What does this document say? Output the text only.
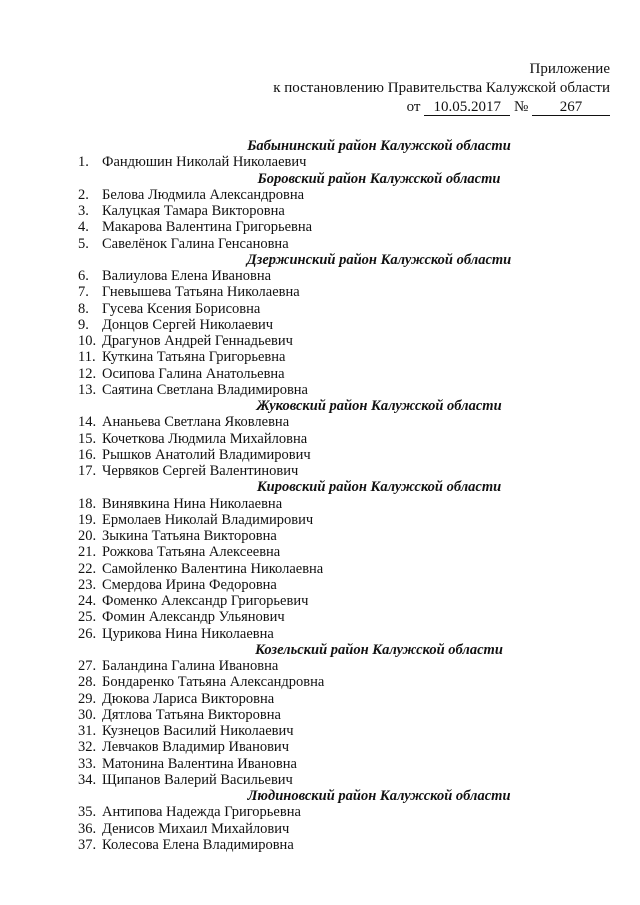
Приложение
к постановлению Правительства Калужской области
от 10.05.2017 № 267
Бабынинский район Калужской области
1. Фандюшин Николай Николаевич
Боровский район Калужской области
2. Белова Людмила Александровна
3. Калуцкая Тамара Викторовна
4. Макарова Валентина Григорьевна
5. Савелёнок Галина Генсановна
Дзержинский район Калужской области
6. Валиулова Елена Ивановна
7. Гневышева Татьяна Николаевна
8. Гусева Ксения Борисовна
9. Донцов Сергей Николаевич
10. Драгунов Андрей Геннадьевич
11. Куткина Татьяна Григорьевна
12. Осипова Галина Анатольевна
13. Саятина Светлана Владимировна
Жуковский район Калужской области
14. Ананьева Светлана Яковлевна
15. Кочеткова Людмила Михайловна
16. Рышков Анатолий Владимирович
17. Червяков Сергей Валентинович
Кировский район Калужской области
18. Винявкина Нина Николаевна
19. Ермолаев Николай Владимирович
20. Зыкина Татьяна Викторовна
21. Рожкова Татьяна Алексеевна
22. Самойленко Валентина Николаевна
23. Смердова Ирина Федоровна
24. Фоменко Александр Григорьевич
25. Фомин Александр Ульянович
26. Цурикова Нина Николаевна
Козельский район Калужской области
27. Баландина Галина Ивановна
28. Бондаренко Татьяна Александровна
29. Дюкова Лариса Викторовна
30. Дятлова Татьяна Викторовна
31. Кузнецов Василий Николаевич
32. Левчаков Владимир Иванович
33. Матонина Валентина Ивановна
34. Щипанов Валерий Васильевич
Людиновский район Калужской области
35. Антипова Надежда Григорьевна
36. Денисов Михаил Михайлович
37. Колесова Елена Владимировна
